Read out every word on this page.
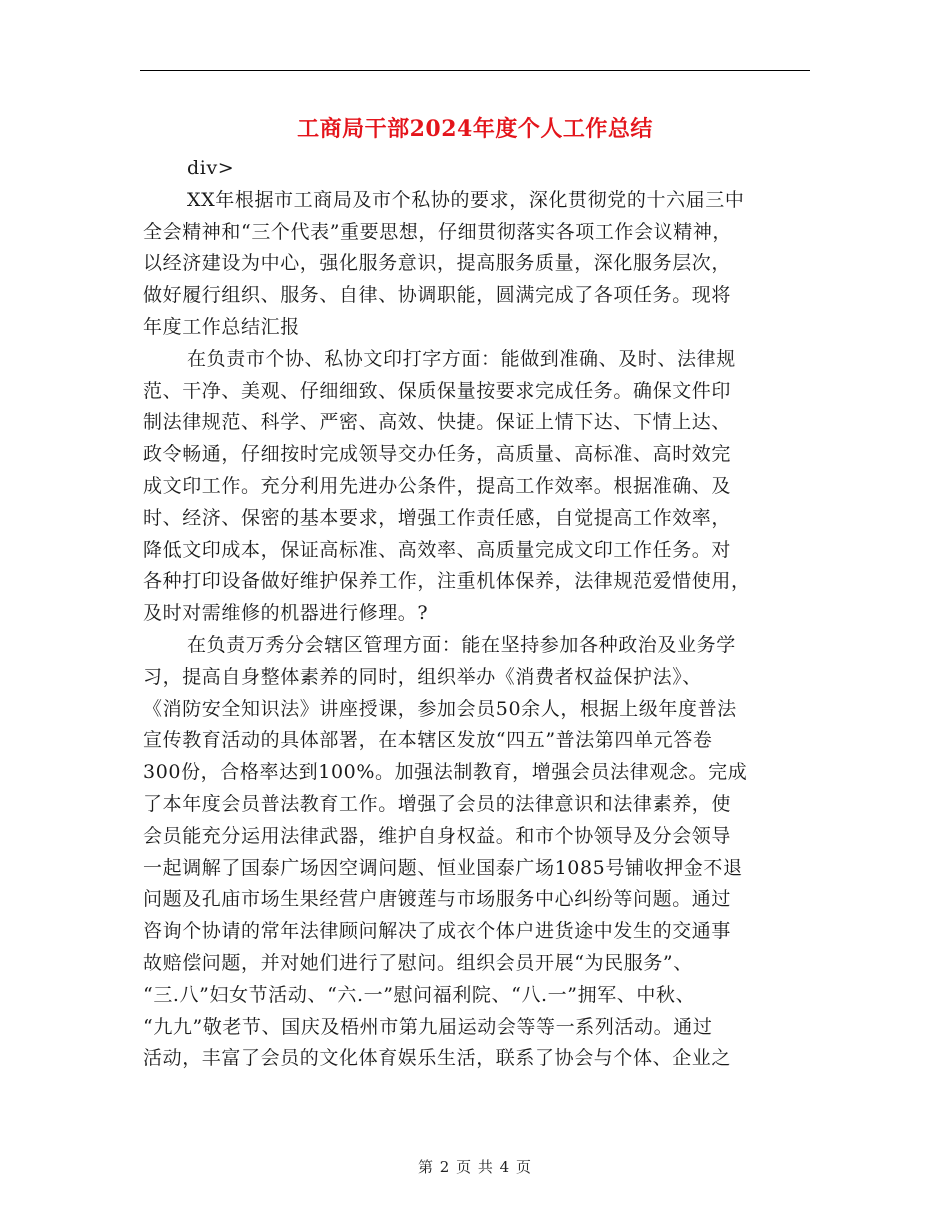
工商局干部2024年度个人工作总结
div>
XX年根据市工商局及市个私协的要求，深化贯彻党的十六届三中
全会精神和“三个代表”重要思想，仔细贯彻落实各项工作会议精神，
以经济建设为中心，强化服务意识，提高服务质量，深化服务层次，
做好履行组织、服务、自律、协调职能，圆满完成了各项任务。现将
年度工作总结汇报
在负责市个协、私协文印打字方面：能做到准确、及时、法律规
范、干净、美观、仔细细致、保质保量按要求完成任务。确保文件印
制法律规范、科学、严密、高效、快捷。保证上情下达、下情上达、
政令畅通，仔细按时完成领导交办任务，高质量、高标准、高时效完
成文印工作。充分利用先进办公条件，提高工作效率。根据准确、及
时、经济、保密的基本要求，增强工作责任感，自觉提高工作效率，
降低文印成本，保证高标准、高效率、高质量完成文印工作任务。对
各种打印设备做好维护保养工作，注重机体保养，法律规范爱惜使用，
及时对需维修的机器进行修理。?
在负责万秀分会辖区管理方面：能在坚持参加各种政治及业务学
习，提高自身整体素养的同时，组织举办《消费者权益保护法》、
《消防安全知识法》讲座授课，参加会员50余人，根据上级年度普法
宣传教育活动的具体部署，在本辖区发放“四五”普法第四单元答卷
300份，合格率达到100%。加强法制教育，增强会员法律观念。完成
了本年度会员普法教育工作。增强了会员的法律意识和法律素养，使
会员能充分运用法律武器，维护自身权益。和市个协领导及分会领导
一起调解了国泰广场因空调问题、恒业国泰广场1085号铺收押金不退
问题及孔庙市场生果经营户唐镀莲与市场服务中心纠纷等问题。通过
咨询个协请的常年法律顾问解决了成衣个体户进货途中发生的交通事
故赔偿问题，并对她们进行了慰问。组织会员开展“为民服务”、
“三.八”妇女节活动、“六.一”慰问福利院、“八.一”拥军、中秋、
“九九”敬老节、国庆及梧州市第九届运动会等等一系列活动。通过
活动，丰富了会员的文化体育娱乐生活，联系了协会与个体、企业之
第 2 页 共 4 页
